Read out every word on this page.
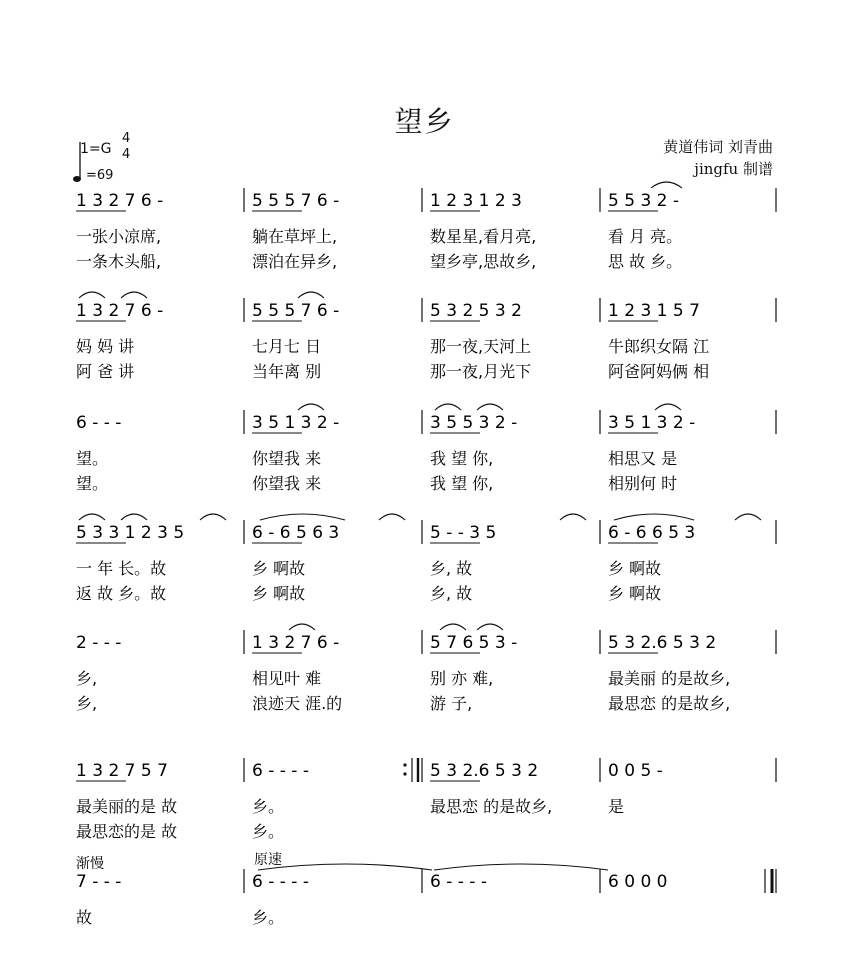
望乡
黄道伟词 刘青曲
jingfu 制谱
1=G
4
4
=69
1 3 2 7 6 -	5 5 5 7 6 -	1 2 3 1 2 3	5 5 3 2 -
一张小凉席,	躺在草坪上,	数星星,看月亮,	看 月 亮。
一条木头船,	漂泊在异乡,	望乡亭,思故乡,	思 故 乡。
1 3 2 7 6 -	5 5 5 7 6 -	5 3 2 5 3 2	1 2 3 1 5 7
妈 妈 讲	七月七 日	那一夜,天河上	牛郎织女隔 江
阿 爸 讲	当年离 别	那一夜,月光下	阿爸阿妈俩 相
6 - - -	3 5 1 3 2 -	3 5 5 3 2 -	3 5 1 3 2 -
望。	你望我 来	我 望 你,	相思又 是
望。	你望我 来	我 望 你,	相别何 时
5 3 3 1 2 3 5	6 - 6 5 6 3	5 - - 3 5	6 - 6 6 5 3
一 年 长。故	乡 啊故	乡, 故	乡 啊故
返 故 乡。故	乡 啊故	乡, 故	乡 啊故
2 - - -	1 3 2 7 6 -	5 7 6 5 3 -	5 3 2.6 5 3 2
乡,	相见叶 难	别 亦 难,	最美丽 的是故乡,
乡,	浪迹天 涯.的	游 子,	最思恋 的是故乡,
1 3 2 7 5 7	6 - - - -	5 3 2.6 5 3 2	0 0 5 -
最美丽的是 故	乡。	最思恋 的是故乡,	是
最思恋的是 故	乡。
7 - - -	6 - - - -	6 - - - -	6 0 0 0
故	乡。
渐慢	原速
